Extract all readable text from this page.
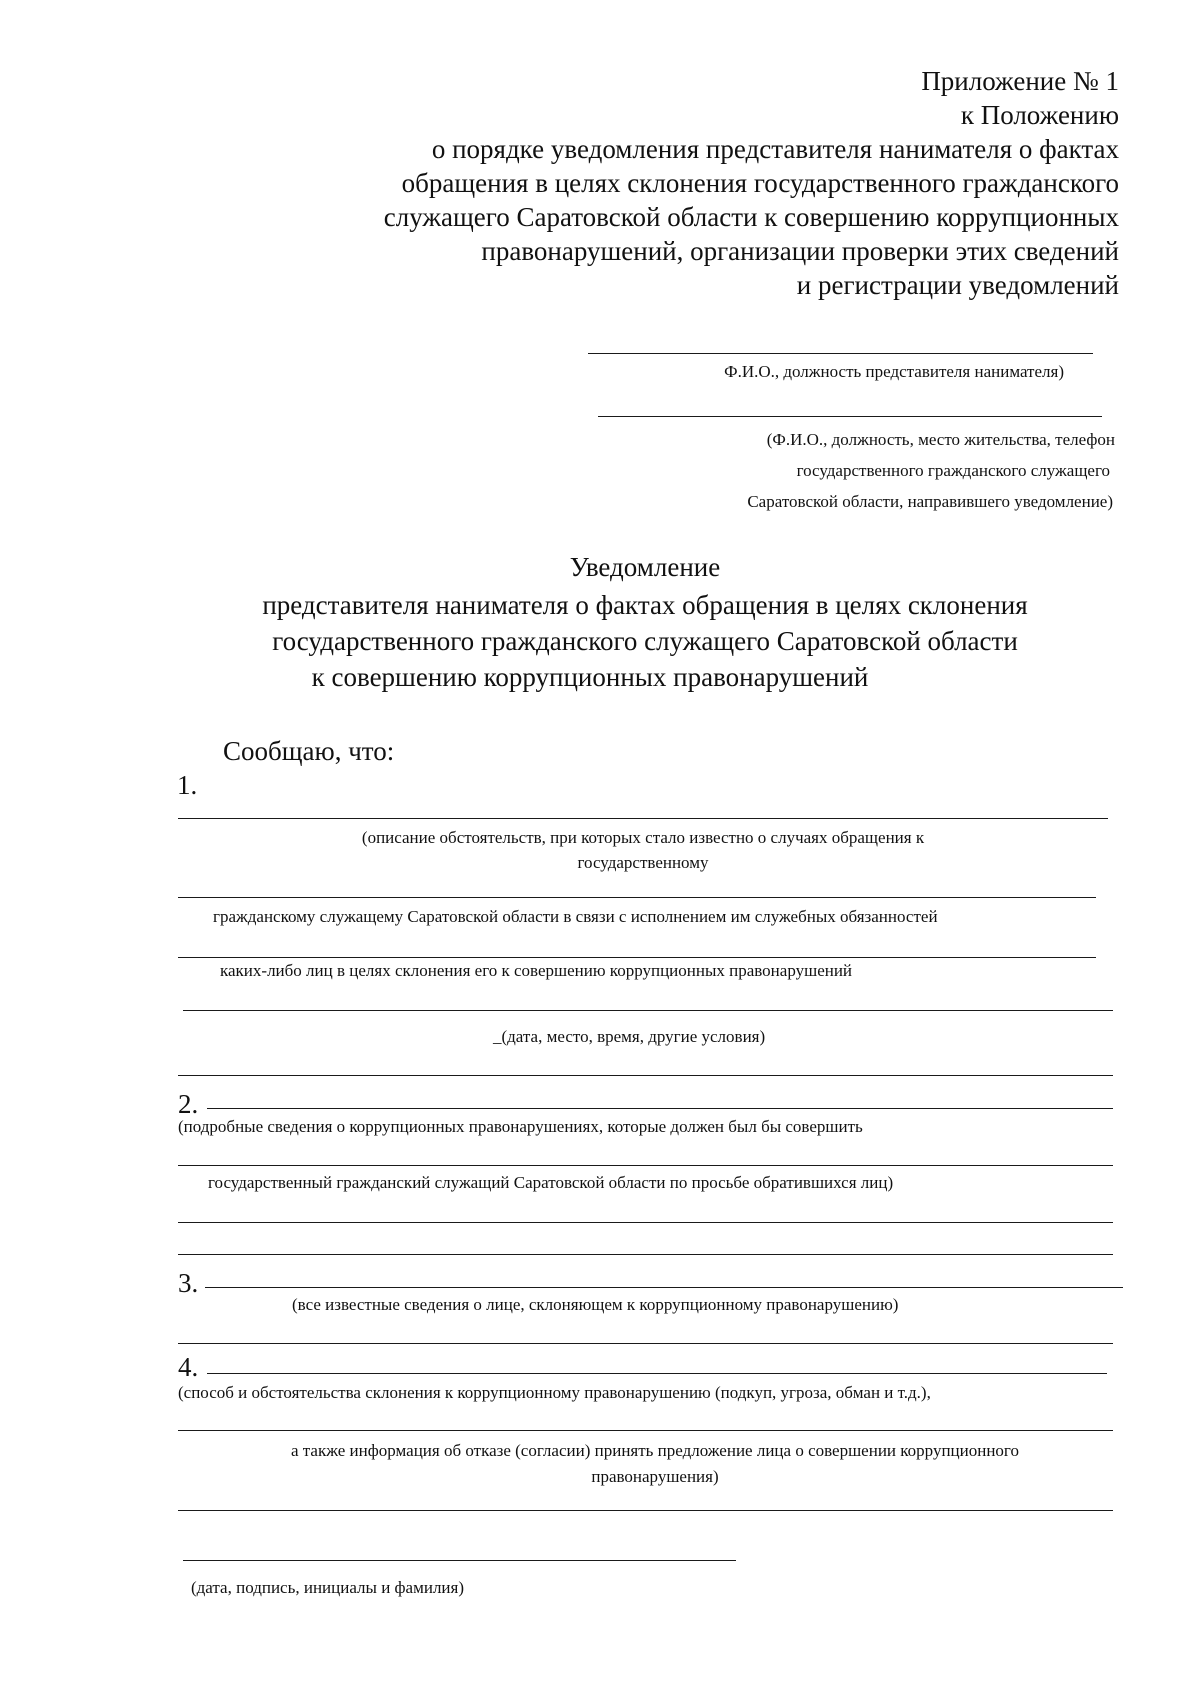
Приложение № 1
к Положению
о порядке уведомления представителя нанимателя о фактах
обращения в целях склонения государственного гражданского
служащего Саратовской области к совершению коррупционных
правонарушений, организации проверки этих сведений
и регистрации уведомлений
Ф.И.О., должность представителя нанимателя)
(Ф.И.О., должность, место жительства, телефон
государственного гражданского служащего
Саратовской области, направившего уведомление)
Уведомление
представителя нанимателя о фактах обращения в целях склонения
государственного гражданского служащего Саратовской области
к совершению коррупционных правонарушений
Сообщаю, что:
1.
(описание обстоятельств, при которых стало известно о случаях обращения к
государственному
гражданскому служащему Саратовской области в связи с исполнением им служебных обязанностей
каких-либо лиц в целях склонения его к совершению коррупционных правонарушений
_(дата, место, время, другие условия)
2.
(подробные сведения о коррупционных правонарушениях, которые должен был бы совершить
государственный гражданский служащий Саратовской области по просьбе обратившихся лиц)
3.
(все известные сведения о лице, склоняющем к коррупционному правонарушению)
4.
(способ и обстоятельства склонения к коррупционному правонарушению (подкуп, угроза, обман и т.д.),
а также информация об отказе (согласии) принять предложение лица о совершении коррупционного
правонарушения)
(дата, подпись, инициалы и фамилия)
